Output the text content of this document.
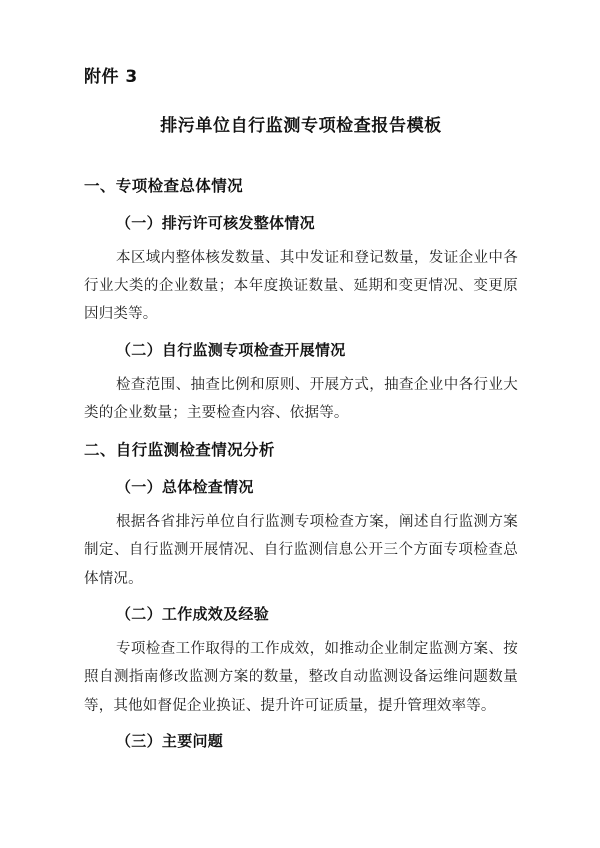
附件 3
排污单位自行监测专项检查报告模板
一、专项检查总体情况
（一）排污许可核发整体情况

本区域内整体核发数量、其中发证和登记数量，发证企业中各行业大类的企业数量；本年度换证数量、延期和变更情况、变更原因归类等。

（二）自行监测专项检查开展情况

检查范围、抽查比例和原则、开展方式，抽查企业中各行业大类的企业数量；主要检查内容、依据等。

二、自行监测检查情况分析
（一）总体检查情况

根据各省排污单位自行监测专项检查方案，阐述自行监测方案制定、自行监测开展情况、自行监测信息公开三个方面专项检查总体情况。

（二）工作成效及经验

专项检查工作取得的工作成效，如推动企业制定监测方案、按照自测指南修改监测方案的数量，整改自动监测设备运维问题数量等，其他如督促企业换证、提升许可证质量，提升管理效率等。

（三）主要问题
